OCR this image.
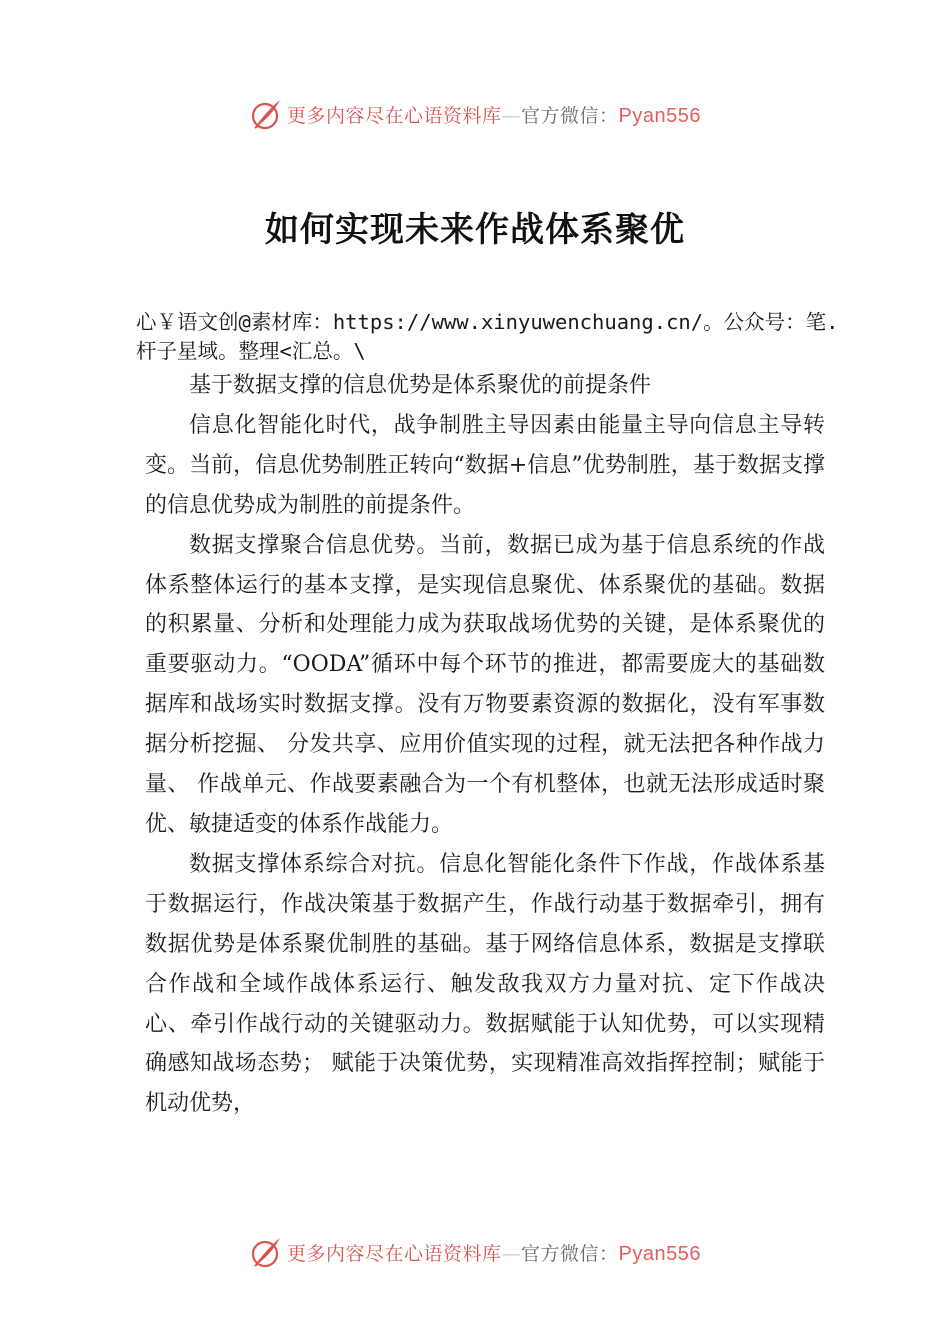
更多内容尽在心语资料库—官方微信：Pyan556
如何实现未来作战体系聚优
心￥语文创@素材库：https://www.xinyuwenchuang.cn/。公众号：笔.杆子星域。整理<汇总。\

基于数据支撑的信息优势是体系聚优的前提条件

信息化智能化时代，战争制胜主导因素由能量主导向信息主导转变。当前，信息优势制胜正转向“数据+信息”优势制胜，基于数据支撑的信息优势成为制胜的前提条件。

数据支撑聚合信息优势。当前，数据已成为基于信息系统的作战体系整体运行的基本支撑，是实现信息聚优、体系聚优的基础。数据的积累量、分析和处理能力成为获取战场优势的关键，是体系聚优的重要驱动力。“OODA”循环中每个环节的推进，都需要庞大的基础数据库和战场实时数据支撑。没有万物要素资源的数据化，没有军事数据分析挖掘、 分发共享、应用价值实现的过程，就无法把各种作战力量、 作战单元、作战要素融合为一个有机整体，也就无法形成适时聚优、敏捷适变的体系作战能力。

数据支撑体系综合对抗。信息化智能化条件下作战，作战体系基于数据运行，作战决策基于数据产生，作战行动基于数据牵引，拥有数据优势是体系聚优制胜的基础。基于网络信息体系，数据是支撑联合作战和全域作战体系运行、触发敌我双方力量对抗、定下作战决心、牵引作战行动的关键驱动力。数据赋能于认知优势，可以实现精确感知战场态势； 赋能于决策优势，实现精准高效指挥控制；赋能于机动优势，

更多内容尽在心语资料库—官方微信：Pyan556
